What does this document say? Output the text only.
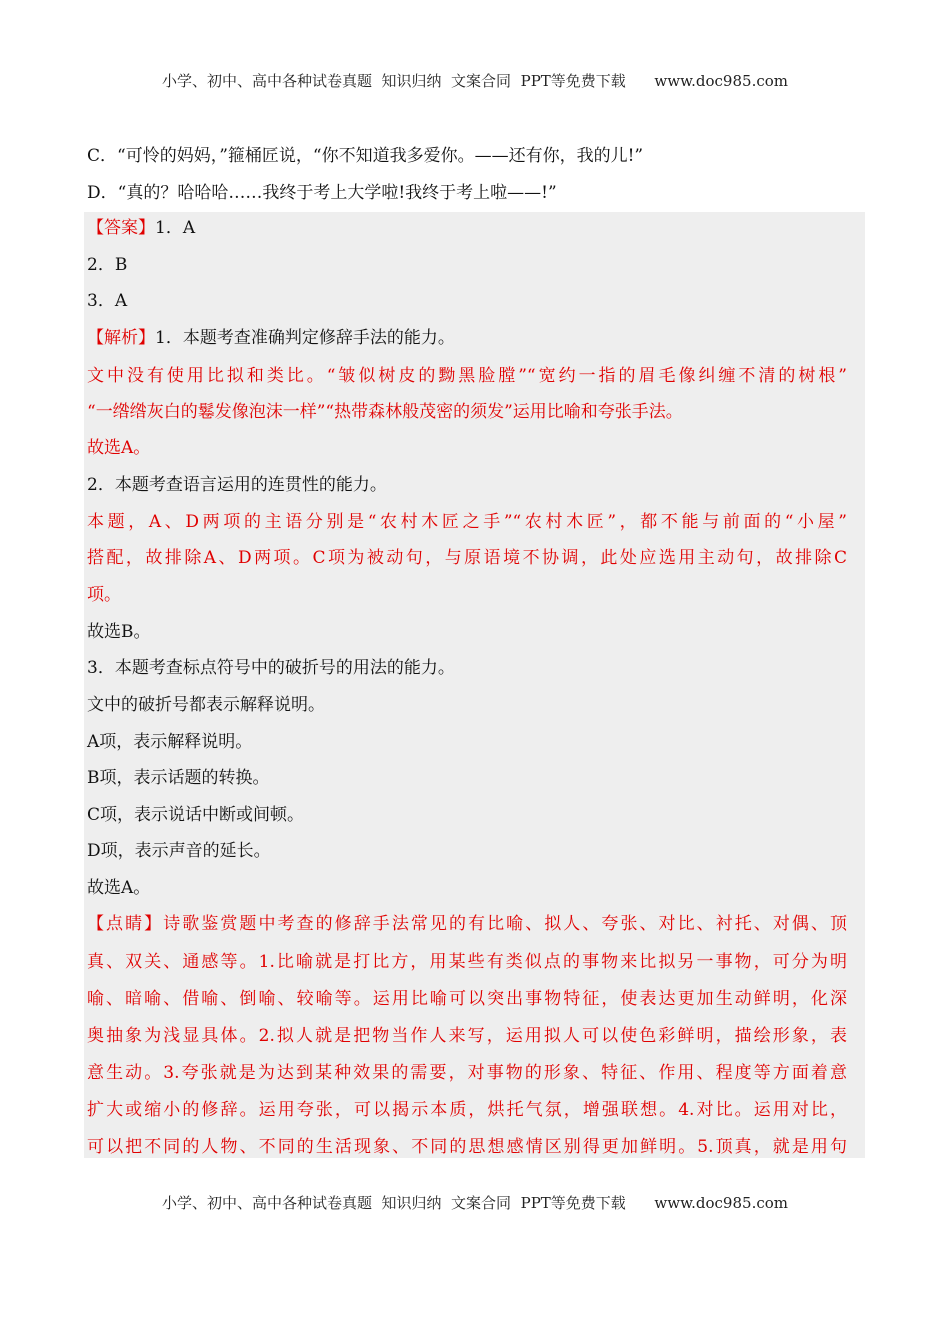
小学、初中、高中各种试卷真题  知识归纳  文案合同  PPT等免费下载      www.doc985.com

C．“可怜的妈妈，”箍桶匠说，“你不知道我多爱你。——还有你，我的儿!”

D．“真的？哈哈哈……我终于考上大学啦!我终于考上啦——!”

【答案】1．A

2．B

3．A

【解析】1．本题考查准确判定修辞手法的能力。

文中没有使用比拟和类比。“皱似树皮的黝黑脸膛”“宽约一指的眉毛像纠缠不清的树根”

“一绺绺灰白的鬈发像泡沫一样”“热带森林般茂密的须发”运用比喻和夸张手法。

故选A。

2．本题考查语言运用的连贯性的能力。

本题，A、D两项的主语分别是“农村木匠之手”“农村木匠”，都不能与前面的“小屋”

搭配，故排除A、D两项。C项为被动句，与原语境不协调，此处应选用主动句，故排除C

项。

故选B。

3．本题考查标点符号中的破折号的用法的能力。

文中的破折号都表示解释说明。

A项，表示解释说明。

B项，表示话题的转换。

C项，表示说话中断或间顿。

D项，表示声音的延长。

故选A。

【点睛】诗歌鉴赏题中考查的修辞手法常见的有比喻、拟人、夸张、对比、衬托、对偶、顶

真、双关、通感等。1.比喻就是打比方，用某些有类似点的事物来比拟另一事物，可分为明

喻、暗喻、借喻、倒喻、较喻等。运用比喻可以突出事物特征，使表达更加生动鲜明，化深

奥抽象为浅显具体。2.拟人就是把物当作人来写，运用拟人可以使色彩鲜明，描绘形象，表

意生动。3.夸张就是为达到某种效果的需要，对事物的形象、特征、作用、程度等方面着意

扩大或缩小的修辞。运用夸张，可以揭示本质，烘托气氛，增强联想。4.对比。运用对比，

可以把不同的人物、不同的生活现象、不同的思想感情区别得更加鲜明。5.顶真，就是用句

小学、初中、高中各种试卷真题  知识归纳  文案合同  PPT等免费下载      www.doc985.com
